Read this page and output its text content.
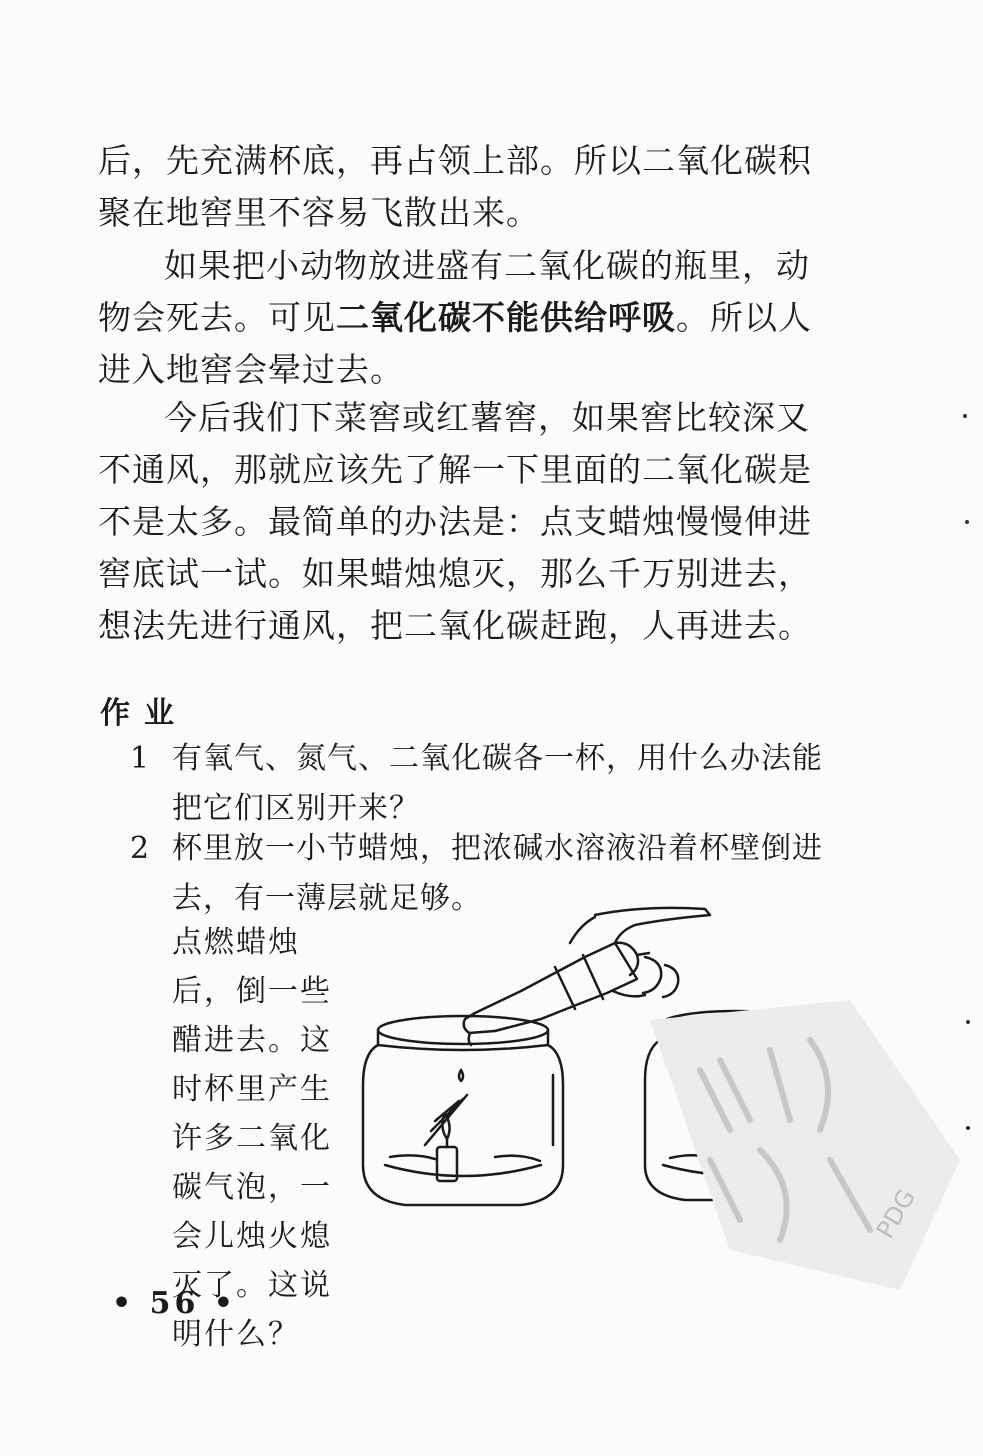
后，先充满杯底，再占领上部。所以二氧化碳积聚在地窖里不容易飞散出来。

如果把小动物放进盛有二氧化碳的瓶里，动物会死去。可见二氧化碳不能供给呼吸。所以人进入地窖会晕过去。

今后我们下菜窖或红薯窖，如果窖比较深又不通风，那就应该先了解一下里面的二氧化碳是不是太多。最简单的办法是：点支蜡烛慢慢伸进窖底试一试。如果蜡烛熄灭，那么千万别进去，想法先进行通风，把二氧化碳赶跑，人再进去。

作业
1 有氧气、氮气、二氧化碳各一杯，用什么办法能把它们区别开来？

2 杯里放一小节蜡烛，把浓碱水溶液沿着杯壁倒进去，有一薄层就足够。

点燃蜡烛后，倒一些醋进去。这时杯里产生许多二氧化碳气泡，一会儿烛火熄灭了。这说明什么？

PDG
• 56 •
